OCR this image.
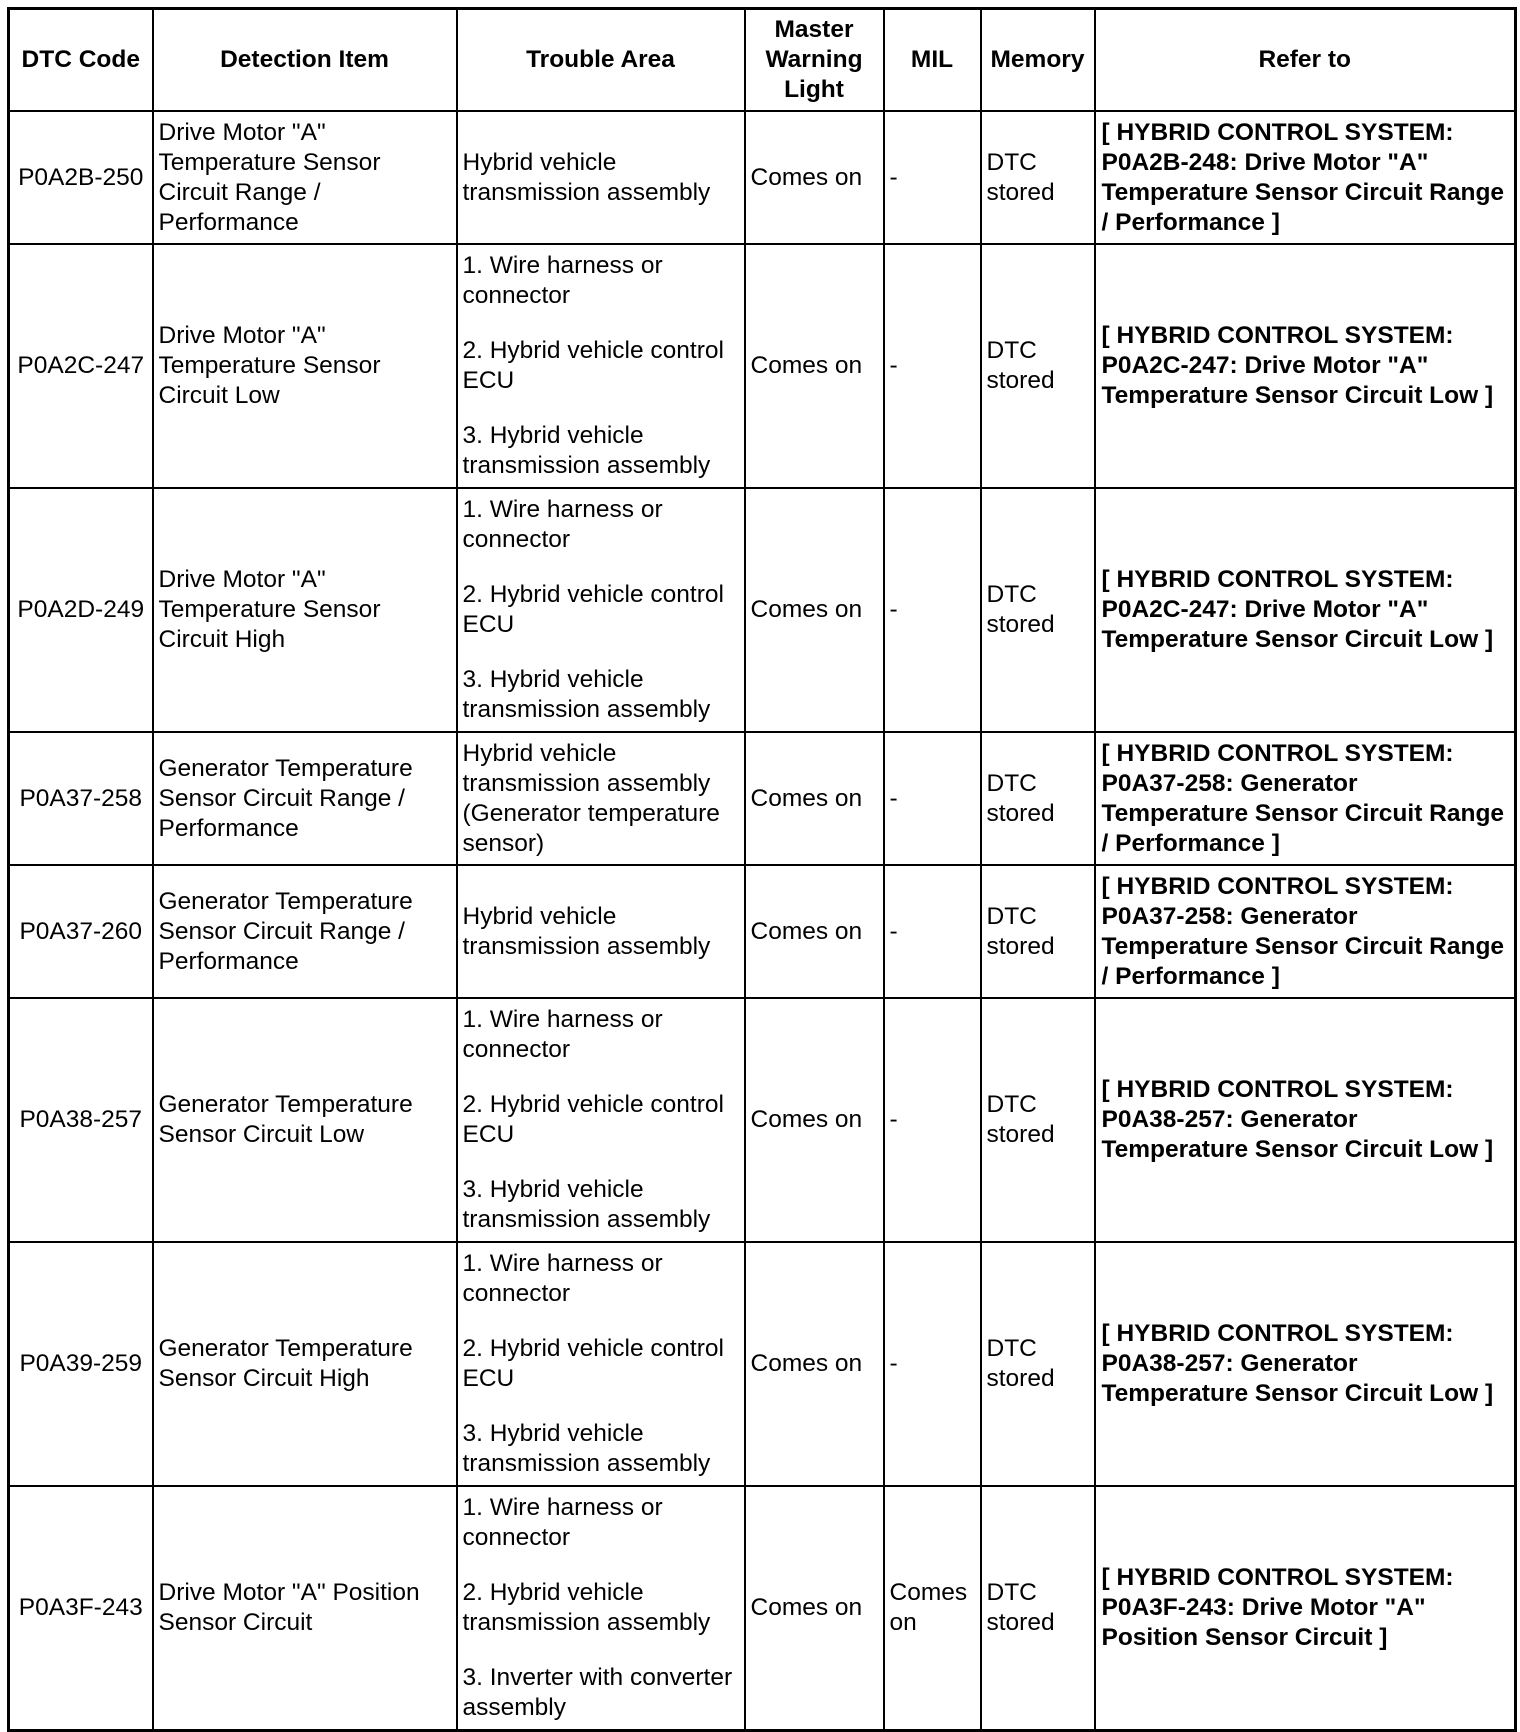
DTC Code	Detection Item	Trouble Area	Master Warning Light	MIL	Memory	Refer to
P0A2B-250	Drive Motor "A" Temperature Sensor Circuit Range / Performance	Hybrid vehicle transmission assembly	Comes on	-	DTC stored	[ HYBRID CONTROL SYSTEM: P0A2B-248: Drive Motor "A" Temperature Sensor Circuit Range / Performance ]
P0A2C-247	Drive Motor "A" Temperature Sensor Circuit Low	1. Wire harness or connector
2. Hybrid vehicle control ECU
3. Hybrid vehicle transmission assembly	Comes on	-	DTC stored	[ HYBRID CONTROL SYSTEM: P0A2C-247: Drive Motor "A" Temperature Sensor Circuit Low ]
P0A2D-249	Drive Motor "A" Temperature Sensor Circuit High	1. Wire harness or connector
2. Hybrid vehicle control ECU
3. Hybrid vehicle transmission assembly	Comes on	-	DTC stored	[ HYBRID CONTROL SYSTEM: P0A2C-247: Drive Motor "A" Temperature Sensor Circuit Low ]
P0A37-258	Generator Temperature Sensor Circuit Range / Performance	Hybrid vehicle transmission assembly (Generator temperature sensor)	Comes on	-	DTC stored	[ HYBRID CONTROL SYSTEM: P0A37-258: Generator Temperature Sensor Circuit Range / Performance ]
P0A37-260	Generator Temperature Sensor Circuit Range / Performance	Hybrid vehicle transmission assembly	Comes on	-	DTC stored	[ HYBRID CONTROL SYSTEM: P0A37-258: Generator Temperature Sensor Circuit Range / Performance ]
P0A38-257	Generator Temperature Sensor Circuit Low	1. Wire harness or connector
2. Hybrid vehicle control ECU
3. Hybrid vehicle transmission assembly	Comes on	-	DTC stored	[ HYBRID CONTROL SYSTEM: P0A38-257: Generator Temperature Sensor Circuit Low ]
P0A39-259	Generator Temperature Sensor Circuit High	1. Wire harness or connector
2. Hybrid vehicle control ECU
3. Hybrid vehicle transmission assembly	Comes on	-	DTC stored	[ HYBRID CONTROL SYSTEM: P0A38-257: Generator Temperature Sensor Circuit Low ]
P0A3F-243	Drive Motor "A" Position Sensor Circuit	1. Wire harness or connector
2. Hybrid vehicle transmission assembly
3. Inverter with converter assembly	Comes on	Comes on	DTC stored	[ HYBRID CONTROL SYSTEM: P0A3F-243: Drive Motor "A" Position Sensor Circuit ]
